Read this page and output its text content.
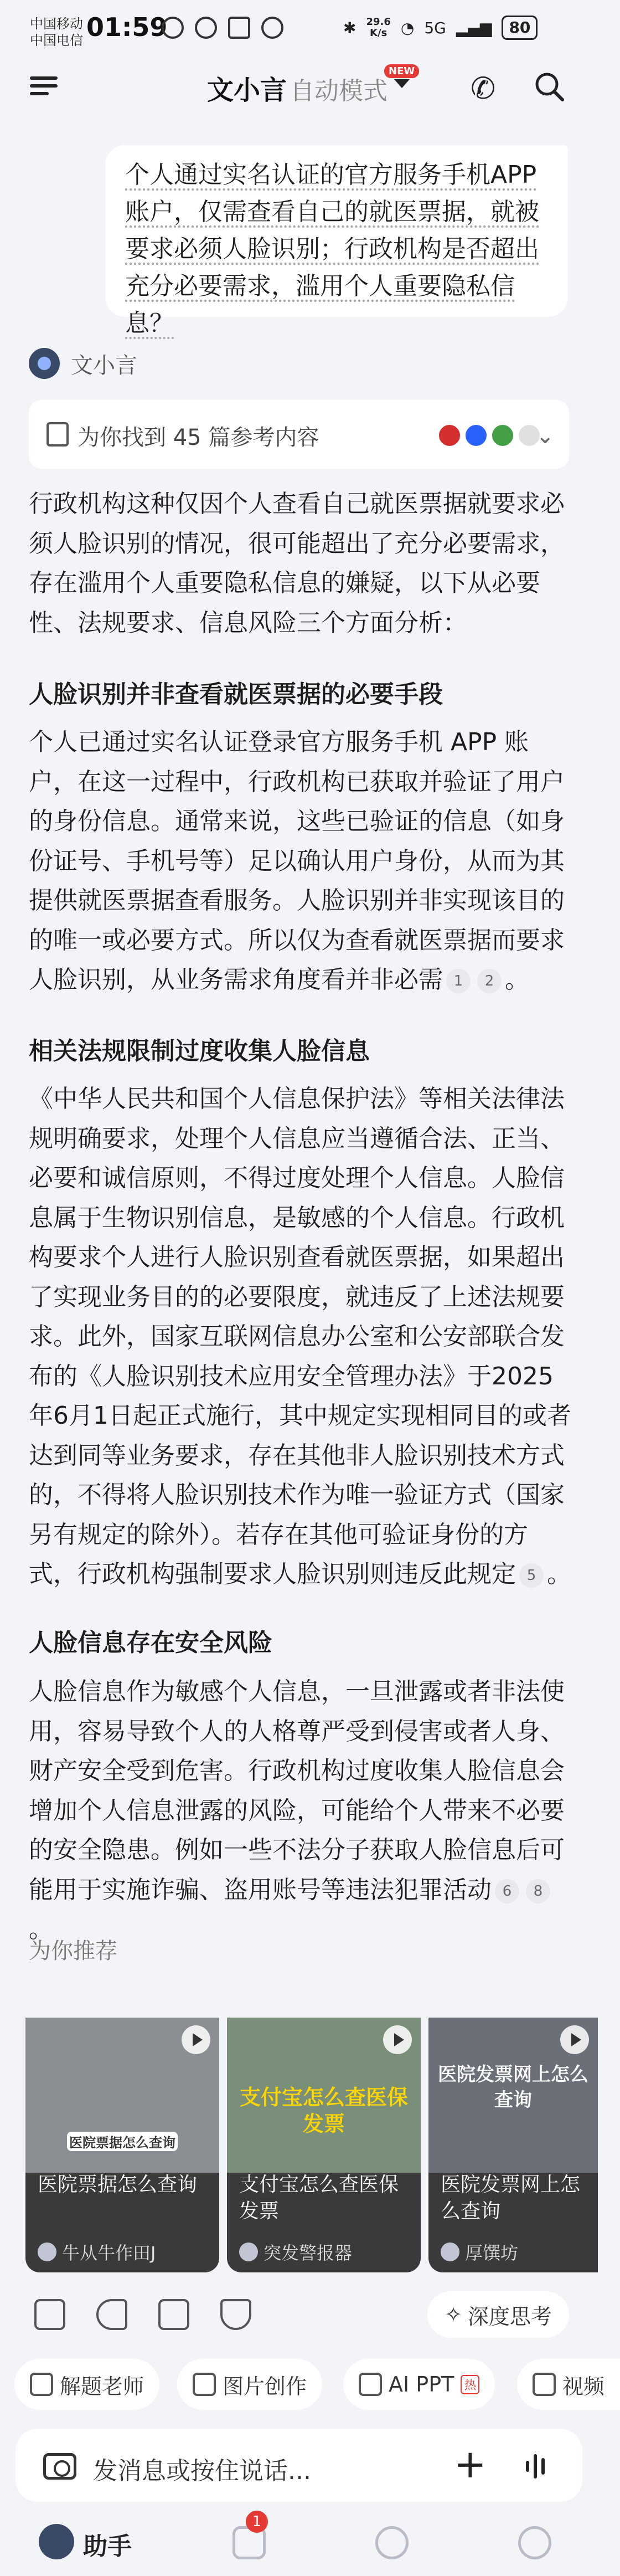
中国移动
中国电信 01:59	✱ 29.6
K/s ◔ 5G ▂▄▆	80
文小言 自动模式
NEW ✆
个人通过实名认证的官方服务手机APP账户，仅需查看自己的就医票据，就被要求必须人脸识别；行政机构是否超出充分必要需求，滥用个人重要隐私信息？
文小言
为你找到 45 篇参考内容	⌄

行政机构这种仅因个人查看自己就医票据就要求必须人脸识别的情况，很可能超出了充分必要需求，存在滥用个人重要隐私信息的嫌疑，以下从必要性、法规要求、信息风险三个方面分析：

人脸识别并非查看就医票据的必要手段

个人已通过实名认证登录官方服务手机 APP 账户，在这一过程中，行政机构已获取并验证了用户的身份信息。通常来说，这些已验证的信息（如身份证号、手机号等）足以确认用户身份，从而为其提供就医票据查看服务。人脸识别并非实现该目的的唯一或必要方式。所以仅为查看就医票据而要求人脸识别，从业务需求角度看并非必需 1 2 。

相关法规限制过度收集人脸信息

《中华人民共和国个人信息保护法》等相关法律法规明确要求，处理个人信息应当遵循合法、正当、必要和诚信原则，不得过度处理个人信息。人脸信息属于生物识别信息，是敏感的个人信息。行政机构要求个人进行人脸识别查看就医票据，如果超出了实现业务目的的必要限度，就违反了上述法规要求。此外，国家互联网信息办公室和公安部联合发布的《人脸识别技术应用安全管理办法》于2025年6月1日起正式施行，其中规定实现相同目的或者达到同等业务要求，存在其他非人脸识别技术方式的，不得将人脸识别技术作为唯一验证方式（国家另有规定的除外）。若存在其他可验证身份的方式，行政机构强制要求人脸识别则违反此规定 5 。

人脸信息存在安全风险

人脸信息作为敏感个人信息，一旦泄露或者非法使用，容易导致个人的人格尊严受到侵害或者人身、财产安全受到危害。行政机构过度收集人脸信息会增加个人信息泄露的风险，可能给个人带来不必要的安全隐患。例如一些不法分子获取人脸信息后可能用于实施诈骗、盗用账号等违法犯罪活动 6 8
。

为你推荐
医院票据怎么查询
医院票据怎么查询
牛从牛作田J
支付宝怎么查医保发票
支付宝怎么查医保发票
突发警报器
医院发票网上怎么查询
医院发票网上怎么查询
厚馔坊
✧ 深度思考
解题老师	图片创作	AI PPT 热	视频
发消息或按住说话...	+
助手
1
